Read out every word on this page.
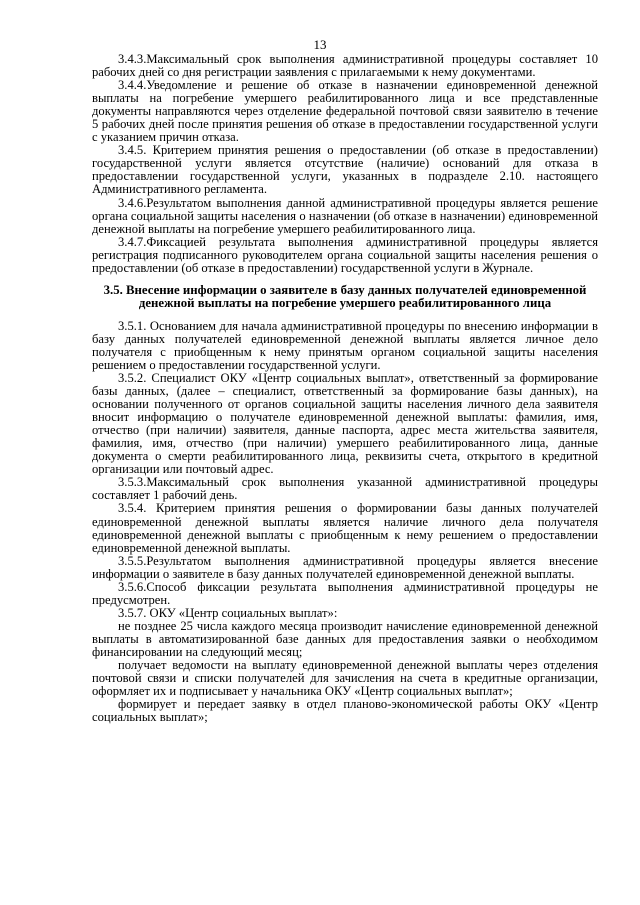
13

3.4.3.Максимальный срок выполнения административной процедуры составляет 10 рабочих дней со дня регистрации заявления с прилагаемыми к нему документами.

3.4.4.Уведомление и решение об отказе в назначении единовременной денежной выплаты на погребение умершего реабилитированного лица и все представленные документы направляются через отделение федеральной почтовой связи заявителю в течение 5 рабочих дней после принятия решения об отказе в предоставлении государственной услуги с указанием причин отказа.

3.4.5. Критерием принятия решения о предоставлении (об отказе в предоставлении) государственной услуги является отсутствие (наличие) оснований для отказа в предоставлении государственной услуги, указанных в подразделе 2.10. настоящего Административного регламента.

3.4.6.Результатом выполнения данной административной процедуры является решение органа социальной защиты населения о назначении (об отказе в назначении) единовременной денежной выплаты на погребение умершего реабилитированного лица.

3.4.7.Фиксацией результата выполнения административной процедуры является регистрация подписанного руководителем органа социальной защиты населения решения о предоставлении (об отказе в предоставлении) государственной услуги в Журнале.

3.5. Внесение информации о заявителе в базу данных получателей единовременной денежной выплаты на погребение умершего реабилитированного лица

3.5.1. Основанием для начала административной процедуры по внесению информации в базу данных получателей единовременной денежной выплаты является личное дело получателя с приобщенным к нему принятым органом социальной защиты населения решением о предоставлении государственной услуги.

3.5.2. Специалист ОКУ «Центр социальных выплат», ответственный за формирование базы данных, (далее – специалист, ответственный за формирование базы данных), на основании полученного от органов социальной защиты населения личного дела заявителя вносит информацию о получателе единовременной денежной выплаты: фамилия, имя, отчество (при наличии) заявителя, данные паспорта, адрес места жительства заявителя, фамилия, имя, отчество (при наличии) умершего реабилитированного лица, данные документа о смерти реабилитированного лица, реквизиты счета, открытого в кредитной организации или почтовый адрес.

3.5.3.Максимальный срок выполнения указанной административной процедуры составляет 1 рабочий день.

3.5.4. Критерием принятия решения о формировании базы данных получателей единовременной денежной выплаты является наличие личного дела получателя единовременной денежной выплаты с приобщенным к нему решением о предоставлении единовременной денежной выплаты.

3.5.5.Результатом выполнения административной процедуры является внесение информации о заявителе в базу данных получателей единовременной денежной выплаты.

3.5.6.Способ фиксации результата выполнения административной процедуры не предусмотрен.

3.5.7. ОКУ «Центр социальных выплат»:

не позднее 25 числа каждого месяца производит начисление единовременной денежной выплаты в автоматизированной базе данных для предоставления заявки о необходимом финансировании на следующий месяц;

получает ведомости на выплату единовременной денежной выплаты через отделения почтовой связи и списки получателей для зачисления на счета в кредитные организации, оформляет их и подписывает у начальника ОКУ «Центр социальных выплат»;

формирует и передает заявку в отдел планово-экономической работы ОКУ «Центр социальных выплат»;
